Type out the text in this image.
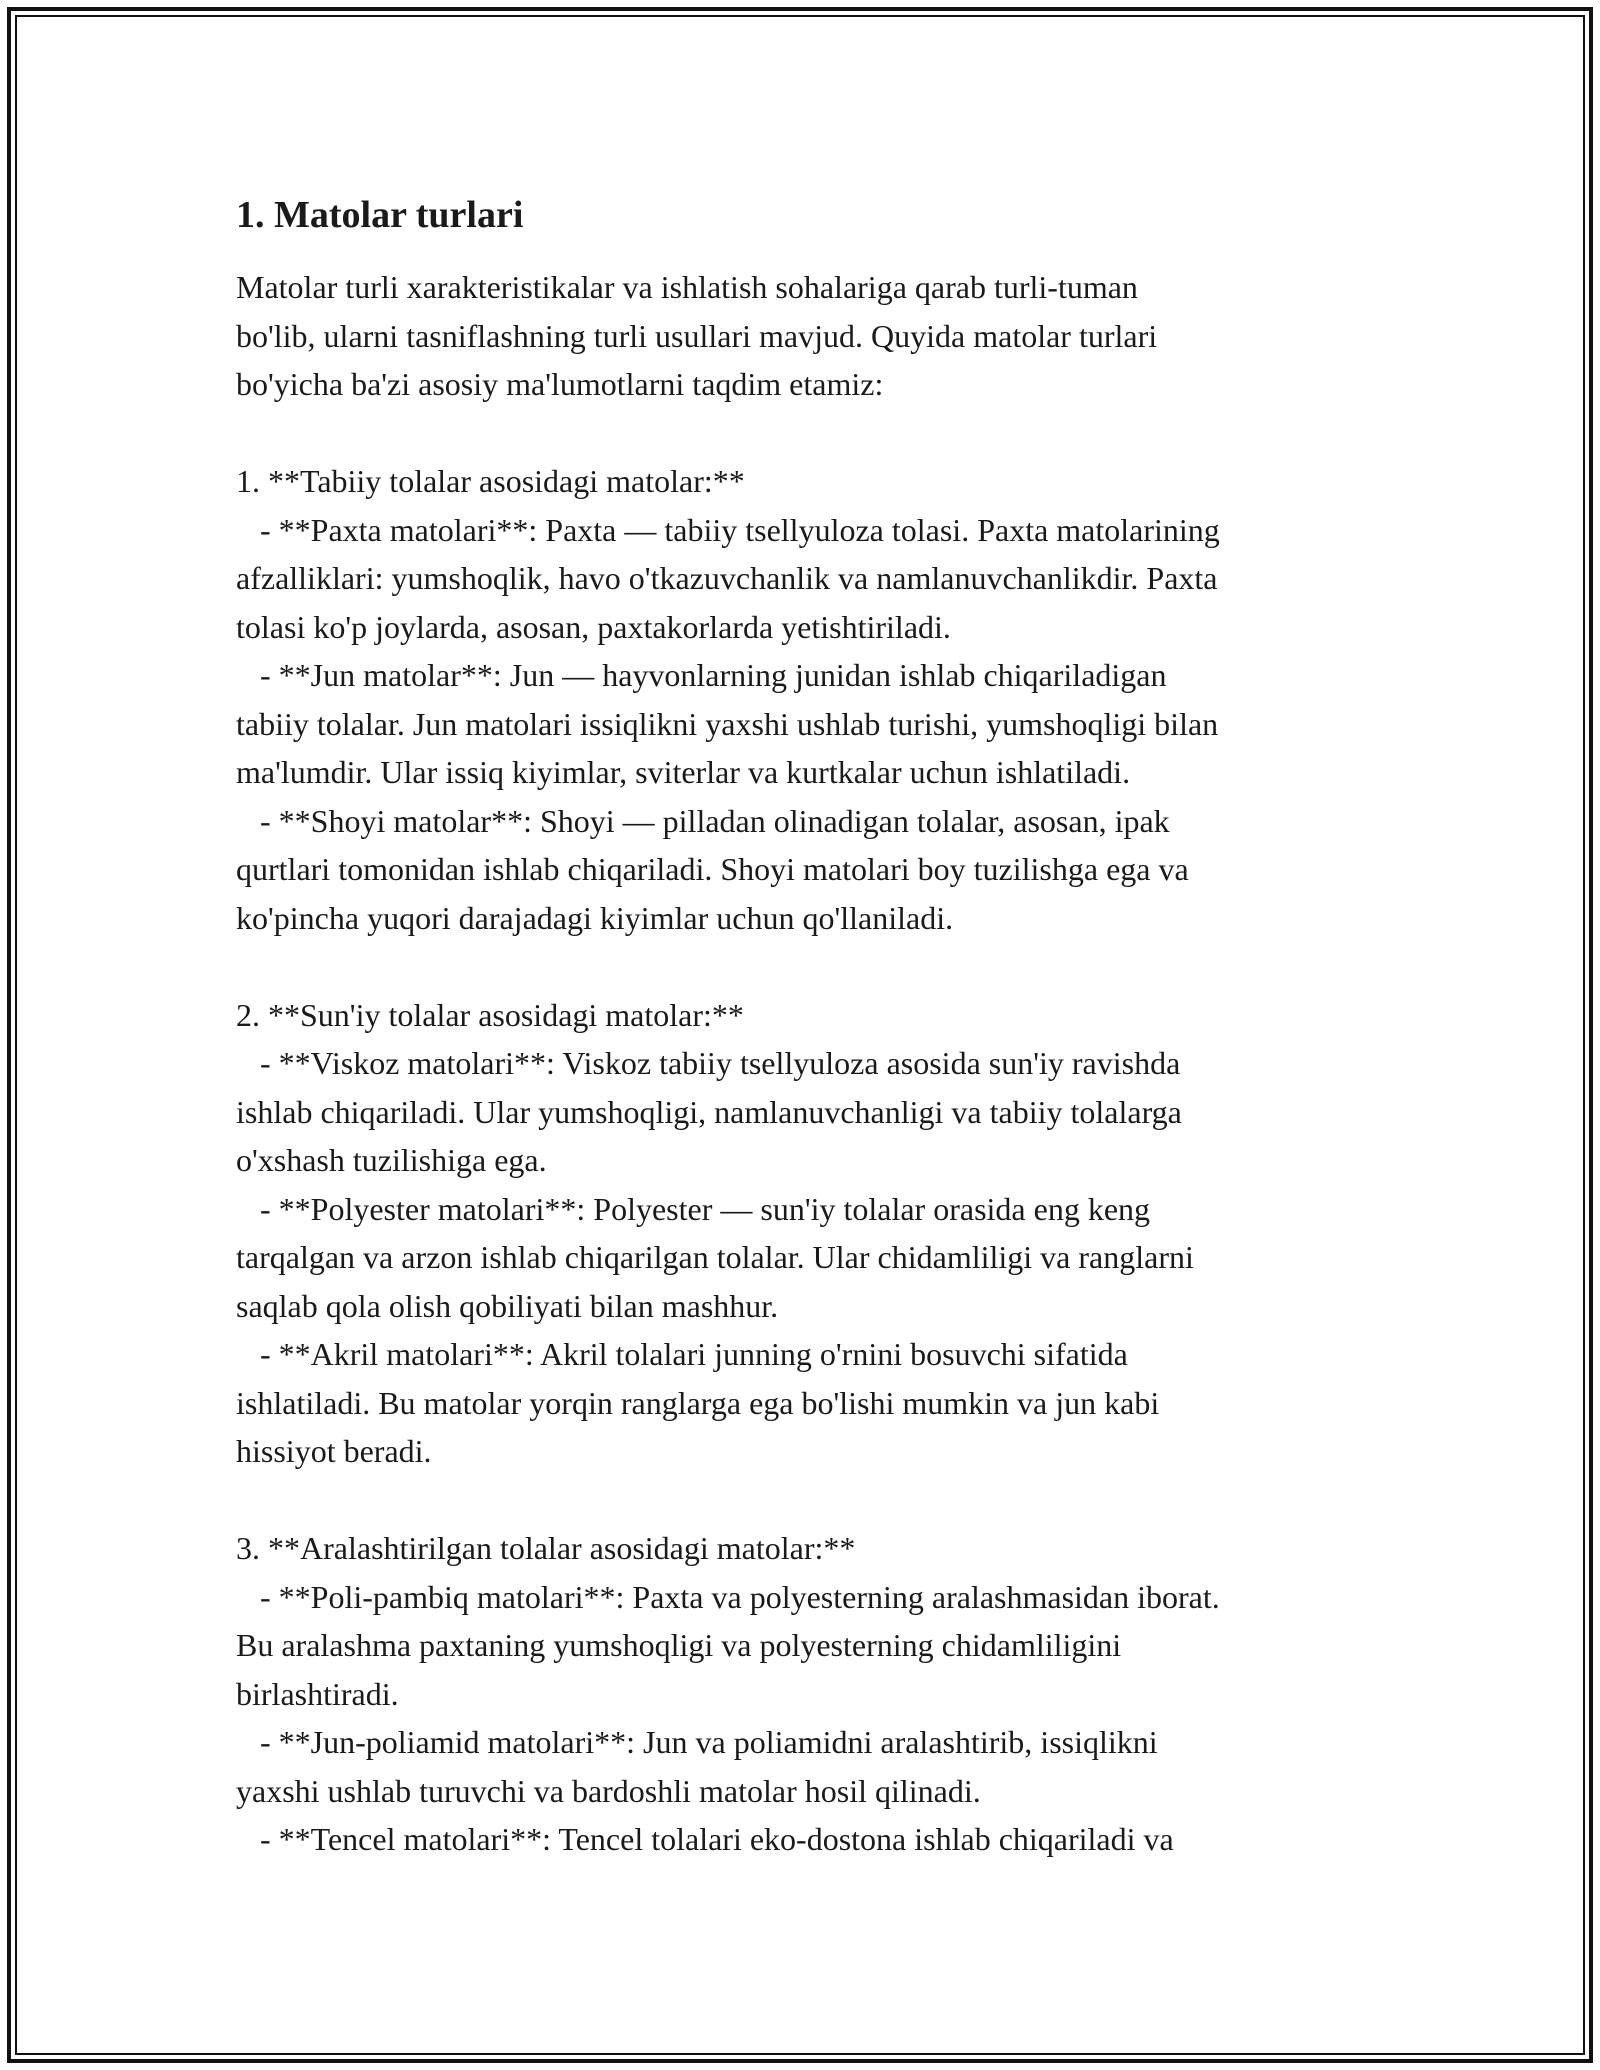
1. Matolar turlari
Matolar turli xarakteristikalar va ishlatish sohalariga qarab turli-tuman
bo'lib, ularni tasniflashning turli usullari mavjud. Quyida matolar turlari
bo'yicha ba'zi asosiy ma'lumotlarni taqdim etamiz:
1. **Tabiiy tolalar asosidagi matolar:**
- **Paxta matolari**: Paxta — tabiiy tsellyuloza tolasi. Paxta matolarining
afzalliklari: yumshoqlik, havo o'tkazuvchanlik va namlanuvchanlikdir. Paxta
tolasi ko'p joylarda, asosan, paxtakorlarda yetishtiriladi.
- **Jun matolar**: Jun — hayvonlarning junidan ishlab chiqariladigan
tabiiy tolalar. Jun matolari issiqlikni yaxshi ushlab turishi, yumshoqligi bilan
ma'lumdir. Ular issiq kiyimlar, sviterlar va kurtkalar uchun ishlatiladi.
- **Shoyi matolar**: Shoyi — pilladan olinadigan tolalar, asosan, ipak
qurtlari tomonidan ishlab chiqariladi. Shoyi matolari boy tuzilishga ega va
ko'pincha yuqori darajadagi kiyimlar uchun qo'llaniladi.
2. **Sun'iy tolalar asosidagi matolar:**
- **Viskoz matolari**: Viskoz tabiiy tsellyuloza asosida sun'iy ravishda
ishlab chiqariladi. Ular yumshoqligi, namlanuvchanligi va tabiiy tolalarga
o'xshash tuzilishiga ega.
- **Polyester matolari**: Polyester — sun'iy tolalar orasida eng keng
tarqalgan va arzon ishlab chiqarilgan tolalar. Ular chidamliligi va ranglarni
saqlab qola olish qobiliyati bilan mashhur.
- **Akril matolari**: Akril tolalari junning o'rnini bosuvchi sifatida
ishlatiladi. Bu matolar yorqin ranglarga ega bo'lishi mumkin va jun kabi
hissiyot beradi.
3. **Aralashtirilgan tolalar asosidagi matolar:**
- **Poli-pambiq matolari**: Paxta va polyesterning aralashmasidan iborat.
Bu aralashma paxtaning yumshoqligi va polyesterning chidamliligini
birlashtiradi.
- **Jun-poliamid matolari**: Jun va poliamidni aralashtirib, issiqlikni
yaxshi ushlab turuvchi va bardoshli matolar hosil qilinadi.
- **Tencel matolari**: Tencel tolalari eko-dostona ishlab chiqariladi va
